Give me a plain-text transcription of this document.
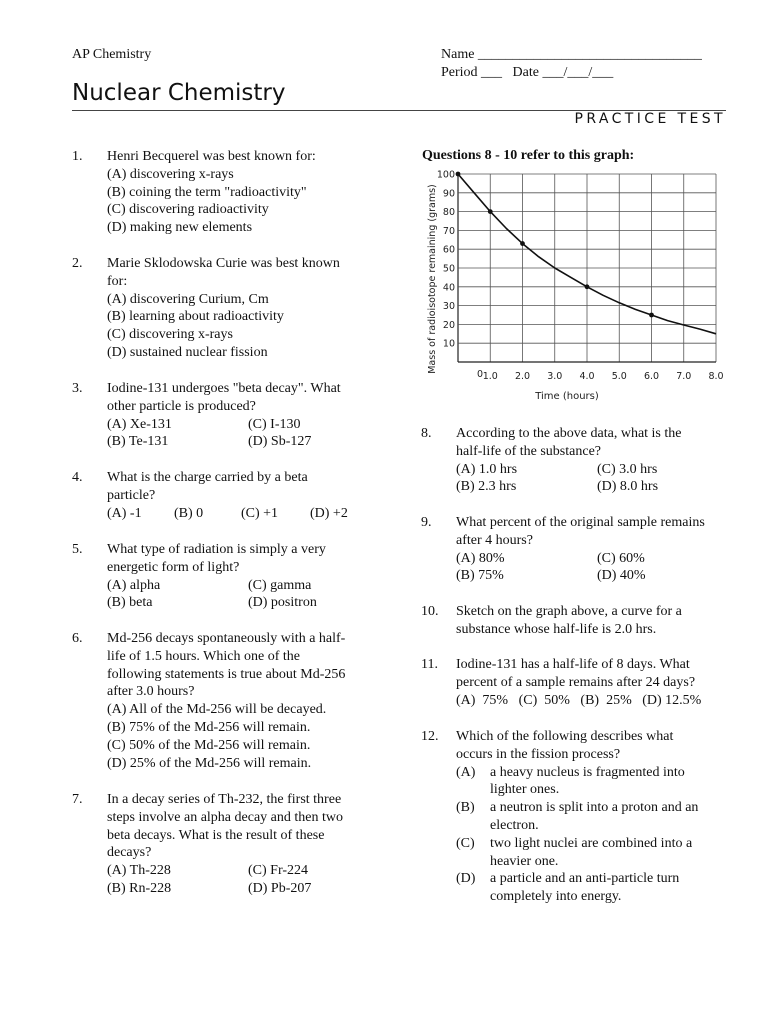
AP Chemistry	Name ________________________________
Period ___   Date ___/___/___
Nuclear Chemistry
PRACTICE TEST
1. Henri Becquerel was best known for:
(A) discovering x-rays
(B) coining the term "radioactivity"
(C) discovering radioactivity
(D) making new elements
2. Marie Sklodowska Curie was best known
for:
(A) discovering Curium, Cm
(B) learning about radioactivity
(C) discovering x-rays
(D) sustained nuclear fission
3. Iodine-131 undergoes "beta decay". What
other particle is produced?
(A) Xe-131	(C) I-130
(B) Te-131	(D) Sb-127
4. What is the charge carried by a beta
particle?
(A) -1 (B) 0	(C) +1 (D) +2
5. What type of radiation is simply a very
energetic form of light?
(A) alpha	(C) gamma
(B) beta	(D) positron
6. Md-256 decays spontaneously with a half-
life of 1.5 hours. Which one of the
following statements is true about Md-256
after 3.0 hours?
(A) All of the Md-256 will be decayed.
(B) 75% of the Md-256 will remain.
(C) 50% of the Md-256 will remain.
(D) 25% of the Md-256 will remain.
7. In a decay series of Th-232, the first three
steps involve an alpha decay and then two
beta decays. What is the result of these
decays?
(A) Th-228	(C) Fr-224
(B) Rn-228	(D) Pb-207
Questions 8 - 10 refer to this graph:
0 1.0 2.0 3.0 4.0 5.0 6.0 7.0 8.0
100
90
80
70
60
50
40
30
20
10
Time (hours)
Mass of radioisotope remaining (grams)
8. According to the above data, what is the
half-life of the substance?
(A) 1.0 hrs	(C) 3.0 hrs
(B) 2.3 hrs	(D) 8.0 hrs
9. What percent of the original sample remains
after 4 hours?
(A) 80%	(C) 60%
(B) 75%	(D) 40%
10. Sketch on the graph above, a curve for a
substance whose half-life is 2.0 hrs.
11. Iodine-131 has a half-life of 8 days. What
percent of a sample remains after 24 days?
(A)  75%   (C)  50%   (B)  25%   (D) 12.5%
12. Which of the following describes what
occurs in the fission process?
(A) a heavy nucleus is fragmented into
lighter ones.
(B) a neutron is split into a proton and an
electron.
(C) two light nuclei are combined into a
heavier one.
(D) a particle and an anti-particle turn
completely into energy.
